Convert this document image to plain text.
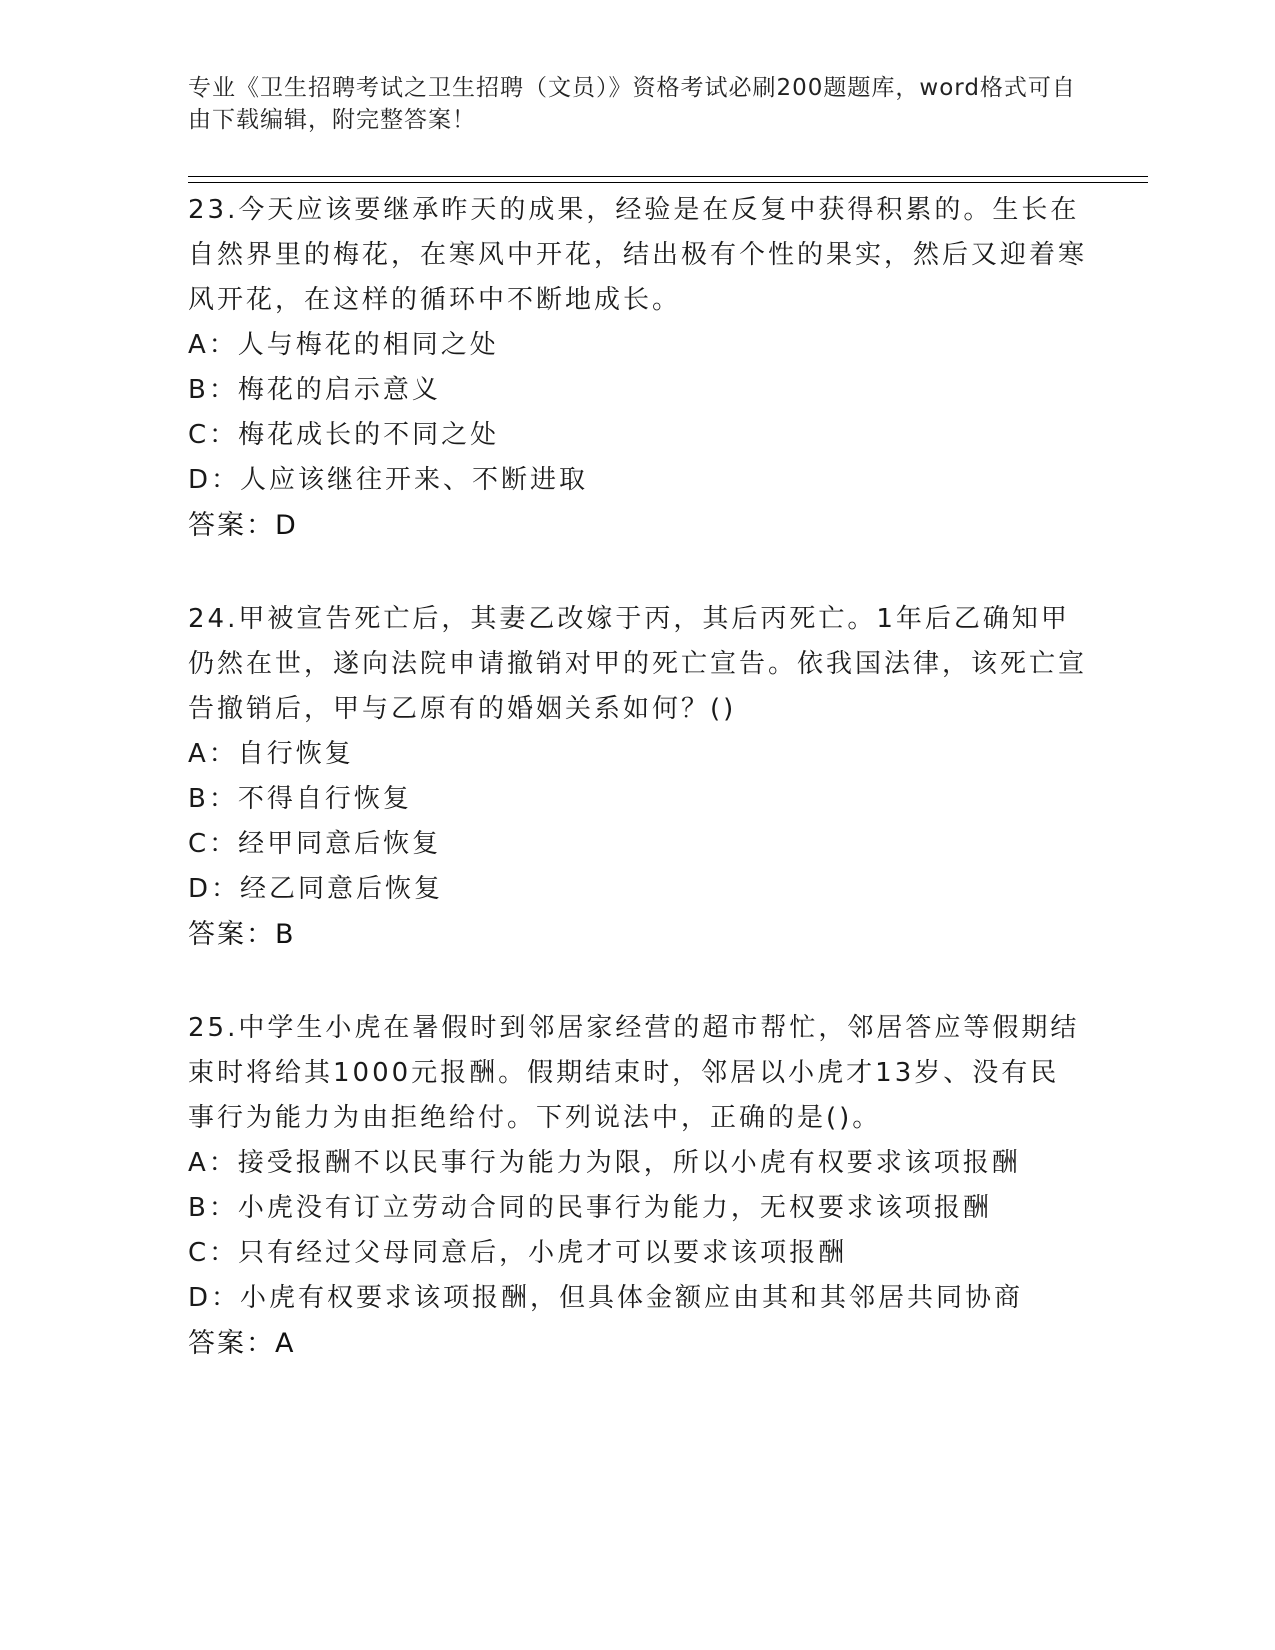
专业《卫生招聘考试之卫生招聘（文员）》资格考试必刷200题题库，word格式可自由下载编辑，附完整答案！
23.今天应该要继承昨天的成果，经验是在反复中获得积累的。生长在自然界里的梅花，在寒风中开花，结出极有个性的果实，然后又迎着寒风开花，在这样的循环中不断地成长。
A：人与梅花的相同之处
B：梅花的启示意义
C：梅花成长的不同之处
D：人应该继往开来、不断进取
答案：D
24.甲被宣告死亡后，其妻乙改嫁于丙，其后丙死亡。1年后乙确知甲仍然在世，遂向法院申请撤销对甲的死亡宣告。依我国法律，该死亡宣告撤销后，甲与乙原有的婚姻关系如何？()
A：自行恢复
B：不得自行恢复
C：经甲同意后恢复
D：经乙同意后恢复
答案：B
25.中学生小虎在暑假时到邻居家经营的超市帮忙，邻居答应等假期结束时将给其1000元报酬。假期结束时，邻居以小虎才13岁、没有民事行为能力为由拒绝给付。下列说法中，正确的是()。
A：接受报酬不以民事行为能力为限，所以小虎有权要求该项报酬
B：小虎没有订立劳动合同的民事行为能力，无权要求该项报酬
C：只有经过父母同意后，小虎才可以要求该项报酬
D：小虎有权要求该项报酬，但具体金额应由其和其邻居共同协商
答案：A
